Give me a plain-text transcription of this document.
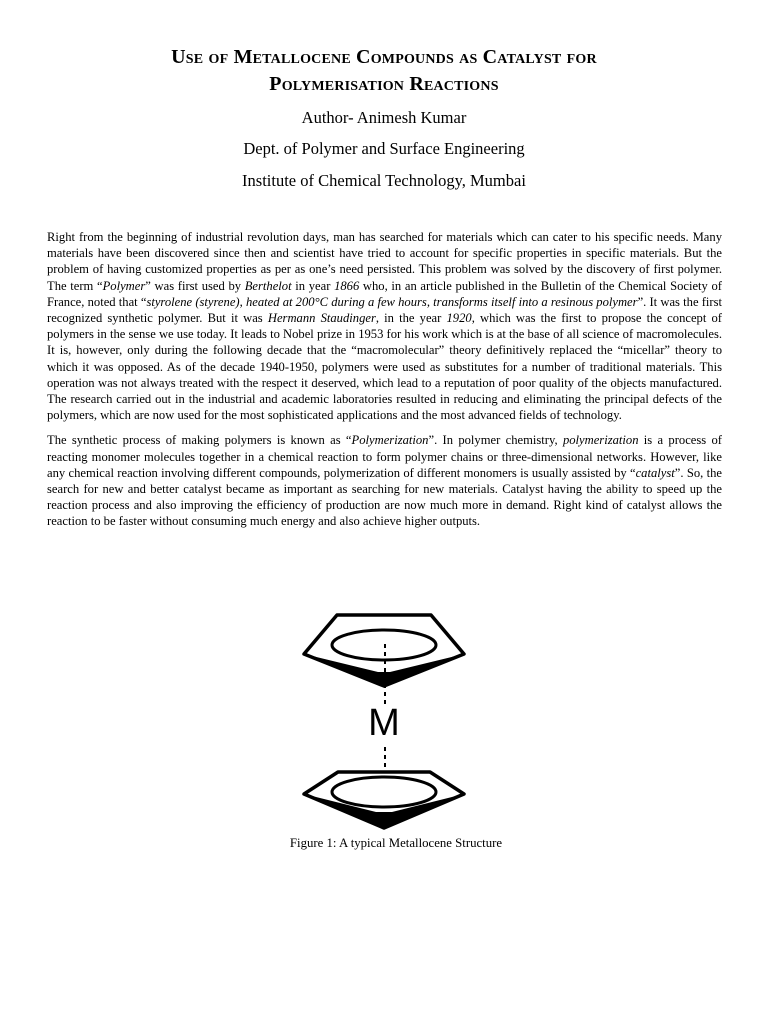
Use of Metallocene Compounds as Catalyst for
Polymerisation Reactions
Author- Animesh Kumar
Dept. of Polymer and Surface Engineering
Institute of Chemical Technology, Mumbai

Right from the beginning of industrial revolution days, man has searched for materials which can cater to his specific needs. Many materials have been discovered since then and scientist have tried to account for specific properties in specific materials. But the problem of having customized properties as per as one’s need persisted. This problem was solved by the discovery of first polymer. The term “Polymer” was first used by Berthelot in year 1866 who, in an article published in the Bulletin of the Chemical Society of France, noted that “styrolene (styrene), heated at 200°C during a few hours, transforms itself into a resinous polymer”. It was the first recognized synthetic polymer. But it was Hermann Staudinger, in the year 1920, which was the first to propose the concept of polymers in the sense we use today. It leads to Nobel prize in 1953 for his work which is at the base of all science of macromolecules. It is, however, only during the following decade that the “macromolecular” theory definitively replaced the “micellar” theory to which it was opposed. As of the decade 1940-1950, polymers were used as substitutes for a number of traditional materials. This operation was not always treated with the respect it deserved, which lead to a reputation of poor quality of the objects manufactured. The research carried out in the industrial and academic laboratories resulted in reducing and eliminating the principal defects of the polymers, which are now used for the most sophisticated applications and the most advanced fields of technology.

The synthetic process of making polymers is known as “Polymerization”. In polymer chemistry, polymerization is a process of reacting monomer molecules together in a chemical reaction to form polymer chains or three-dimensional networks. However, like any chemical reaction involving different compounds, polymerization of different monomers is usually assisted by “catalyst”. So, the search for new and better catalyst became as important as searching for new materials. Catalyst having the ability to speed up the reaction process and also improving the efficiency of production are now much more in demand. Right kind of catalyst allows the reaction to be faster without consuming much energy and also achieve higher outputs.

M
Figure 1: A typical Metallocene Structure
